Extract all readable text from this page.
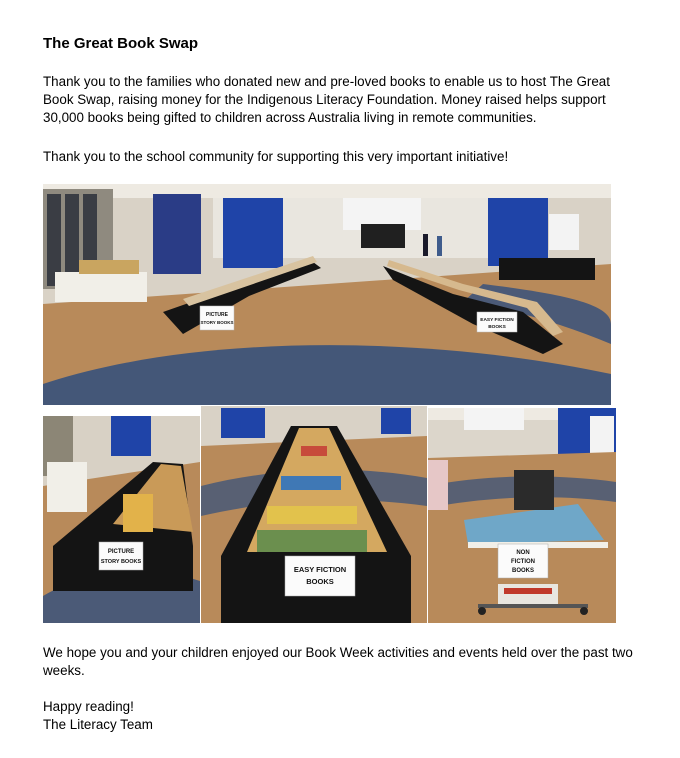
The Great Book Swap
Thank you to the families who donated new and pre-loved books to enable us to host The Great Book Swap, raising money for the Indigenous Literacy Foundation. Money raised helps support 30,000 books being gifted to children across Australia living in remote communities.
Thank you to the school community for supporting this very important initiative!
PICTURE
STORY BOOKS	EASY FICTION
BOOKS
PICTURE
STORY BOOKS
EASY FICTION
BOOKS
NON
FICTION
BOOKS
We hope you and your children enjoyed our Book Week activities and events held over the past two weeks.
Happy reading!
The Literacy Team
